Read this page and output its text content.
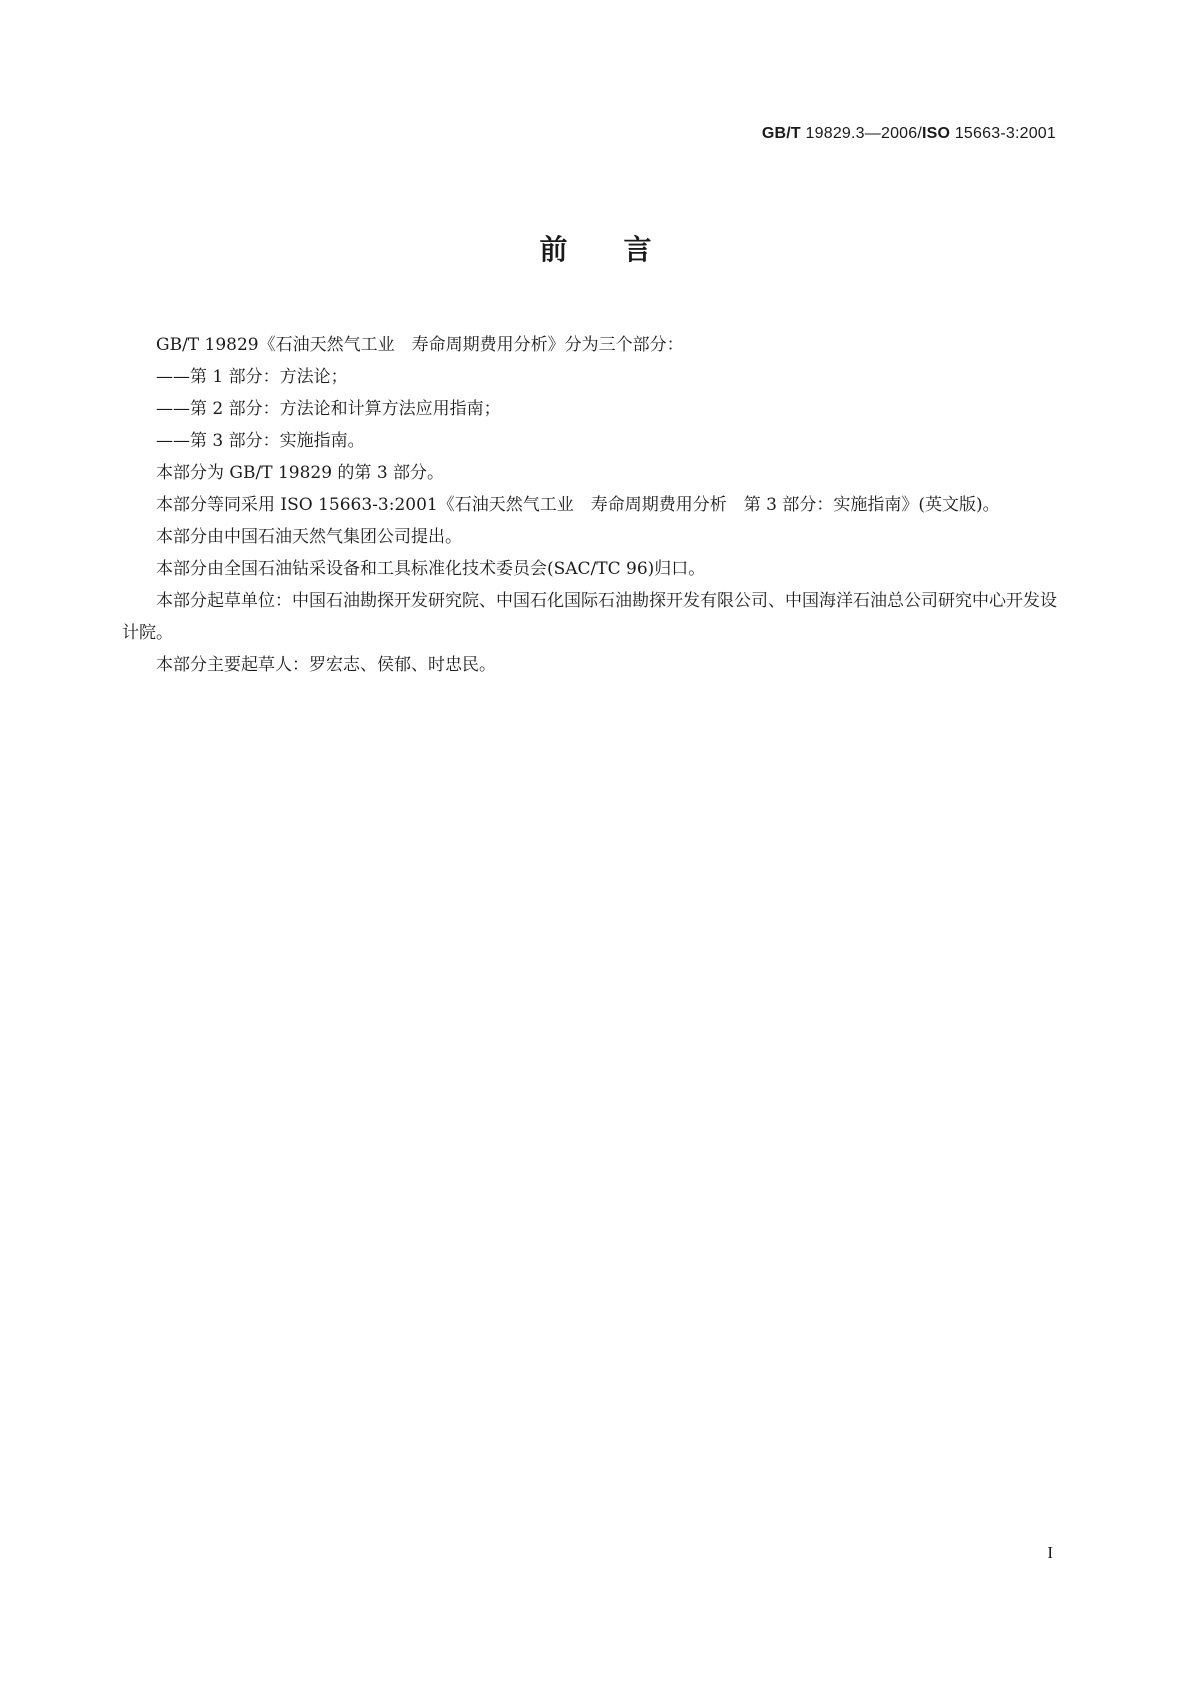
GB/T 19829.3—2006/ISO 15663-3:2001
前言

GB/T 19829《石油天然气工业　寿命周期费用分析》分为三个部分：

——第 1 部分：方法论；

——第 2 部分：方法论和计算方法应用指南；

——第 3 部分：实施指南。

本部分为 GB/T 19829 的第 3 部分。

本部分等同采用 ISO 15663-3:2001《石油天然气工业　寿命周期费用分析　第 3 部分：实施指南》(英文版)。

本部分由中国石油天然气集团公司提出。

本部分由全国石油钻采设备和工具标准化技术委员会(SAC/TC 96)归口。

本部分起草单位：中国石油勘探开发研究院、中国石化国际石油勘探开发有限公司、中国海洋石油总公司研究中心开发设计院。

本部分主要起草人：罗宏志、侯郁、时忠民。

I
